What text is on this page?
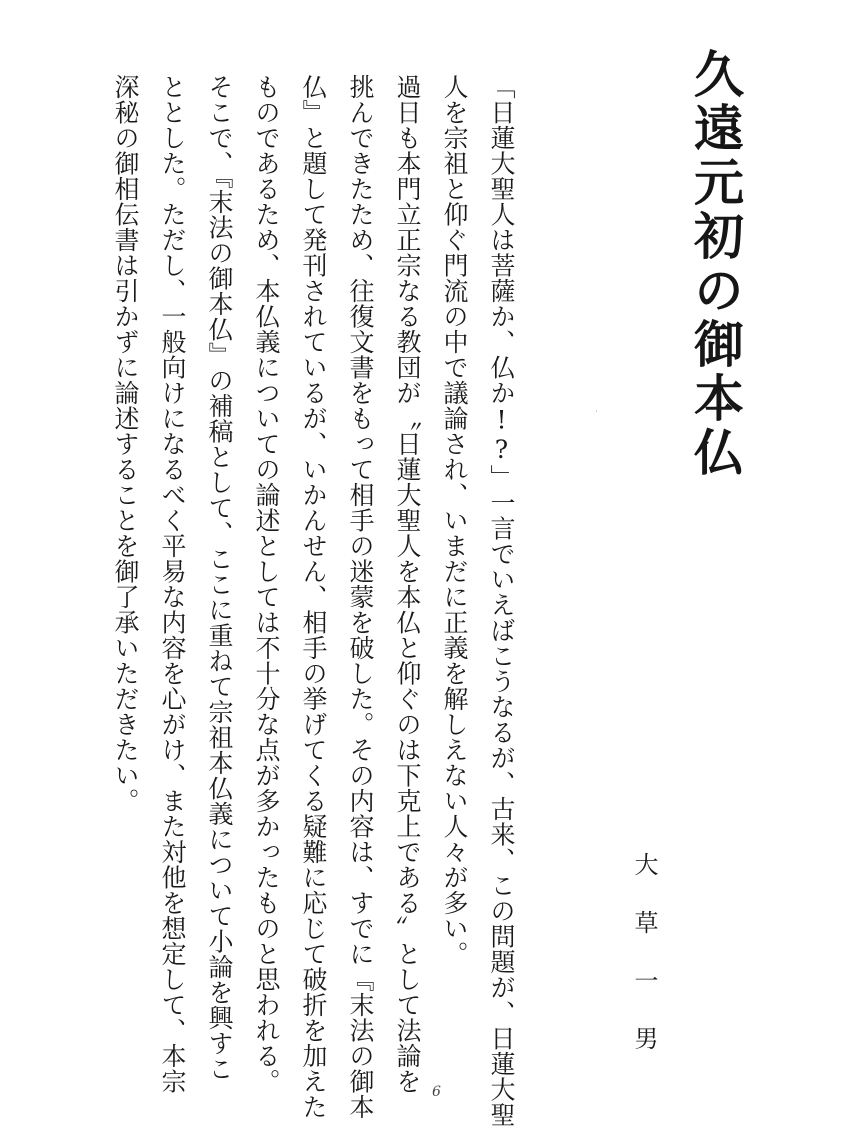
久遠元初の御本仏
大草一男

「日蓮大聖人は菩薩か、仏か!?」一言でいえばこうなるが、古来、この問題が、日蓮大聖
人を宗祖と仰ぐ門流の中で議論され、いまだに正義を解しえない人々が多い。
過日も本門立正宗なる教団が〝日蓮大聖人を本仏と仰ぐのは下克上である〟として法論を
挑んできたため、往復文書をもって相手の迷蒙を破した。その内容は、すでに『末法の御本
仏』と題して発刊されているが、いかんせん、相手の挙げてくる疑難に応じて破折を加えた
ものであるため、本仏義についての論述としては不十分な点が多かったものと思われる。
そこで、『末法の御本仏』の補稿として、ここに重ねて宗祖本仏義について小論を興すこ
ととした。ただし、一般向けになるべく平易な内容を心がけ、また対他を想定して、本宗
深秘の御相伝書は引かずに論述することを御了承いただきたい。

6
